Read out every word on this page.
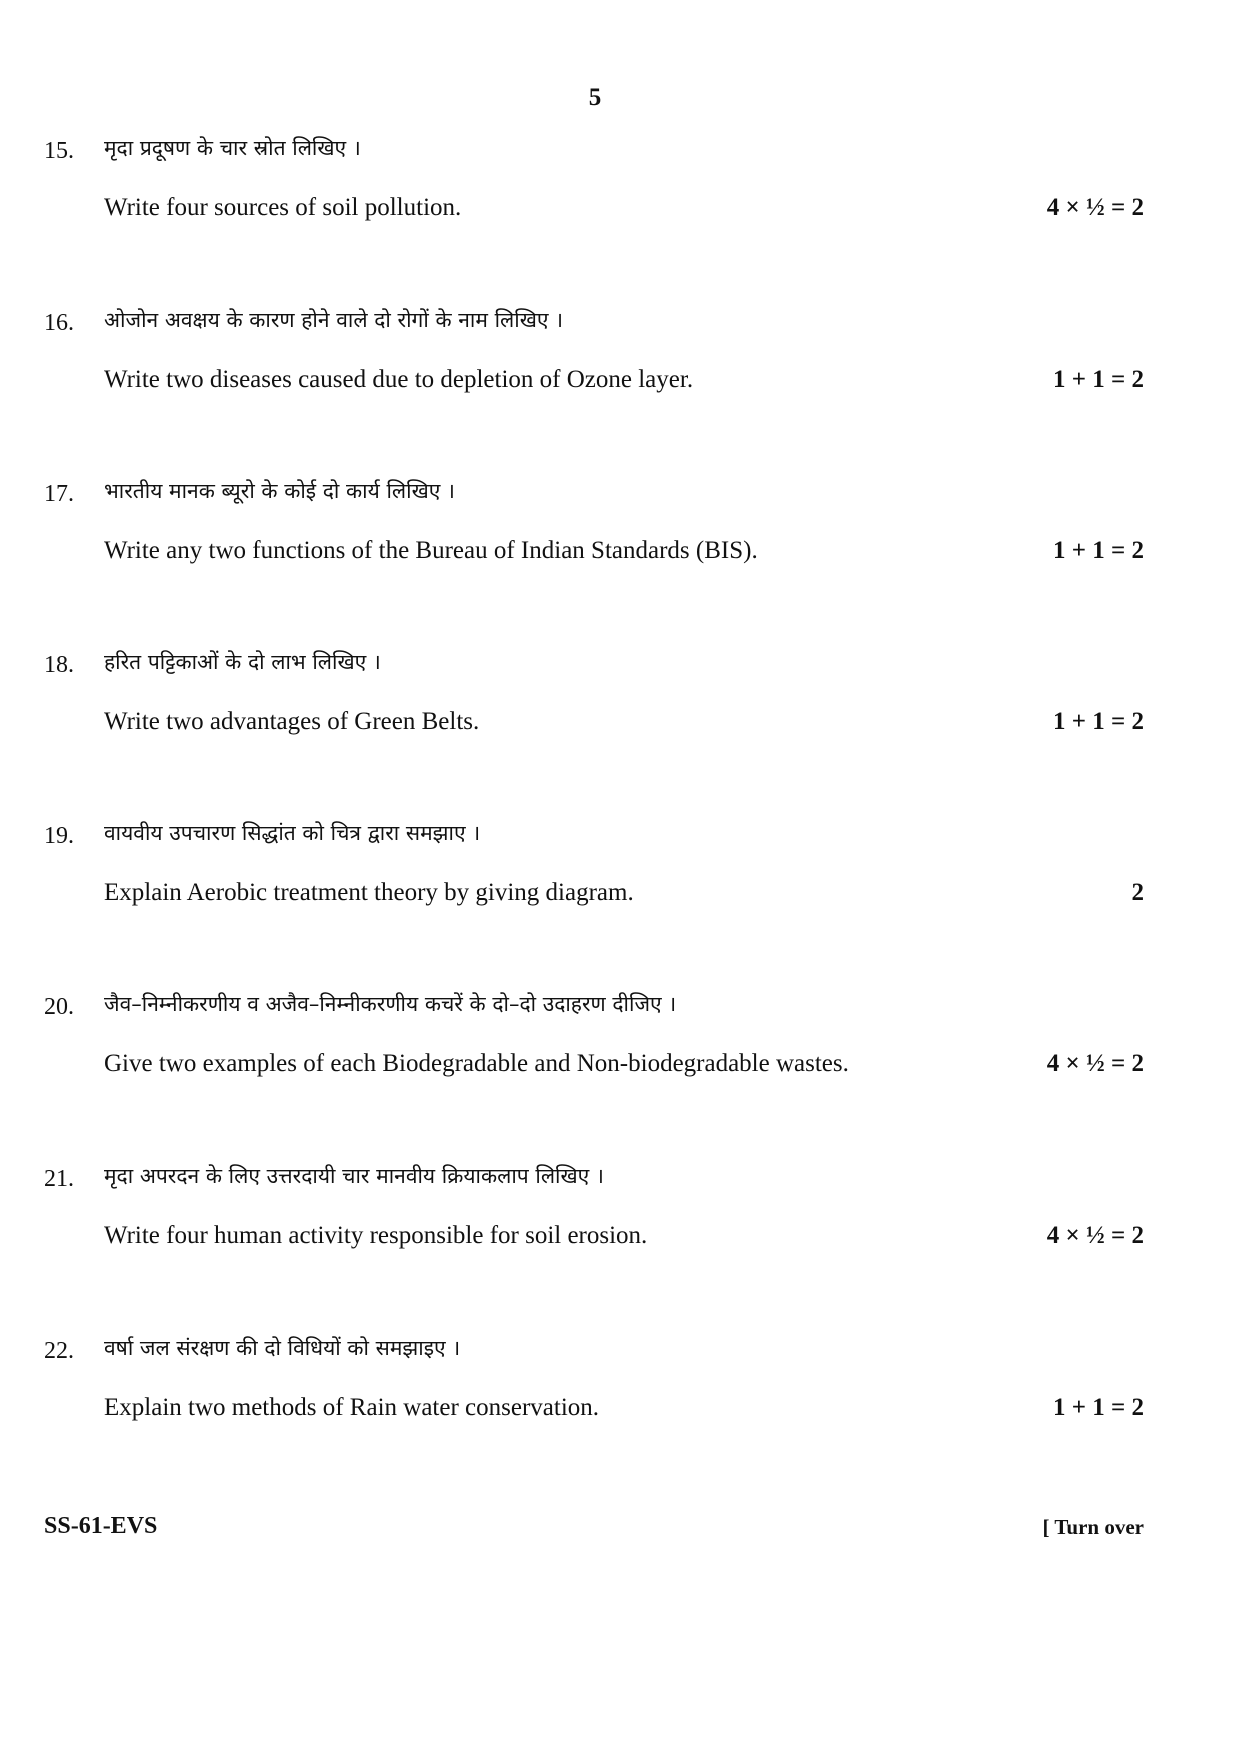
5
15. मृदा प्रदूषण के चार स्रोत लिखिए ।
Write four sources of soil pollution.	4 × ½ = 2
16. ओजोन अवक्षय के कारण होने वाले दो रोगों के नाम लिखिए ।
Write two diseases caused due to depletion of Ozone layer.	1 + 1 = 2
17. भारतीय मानक ब्यूरो के कोई दो कार्य लिखिए ।
Write any two functions of the Bureau of Indian Standards (BIS).	1 + 1 = 2
18. हरित पट्टिकाओं के दो लाभ लिखिए ।
Write two advantages of Green Belts.	1 + 1 = 2
19. वायवीय उपचारण सिद्धांत को चित्र द्वारा समझाए ।
Explain Aerobic treatment theory by giving diagram.	2
20. जैव–निम्नीकरणीय व अजैव–निम्नीकरणीय कचरें के दो–दो उदाहरण दीजिए ।
Give two examples of each Biodegradable and Non-biodegradable wastes.	4 × ½ = 2
21. मृदा अपरदन के लिए उत्तरदायी चार मानवीय क्रियाकलाप लिखिए ।
Write four human activity responsible for soil erosion.	4 × ½ = 2
22. वर्षा जल संरक्षण की दो विधियों को समझाइए ।
Explain two methods of Rain water conservation.	1 + 1 = 2
SS-61-EVS	[ Turn over
